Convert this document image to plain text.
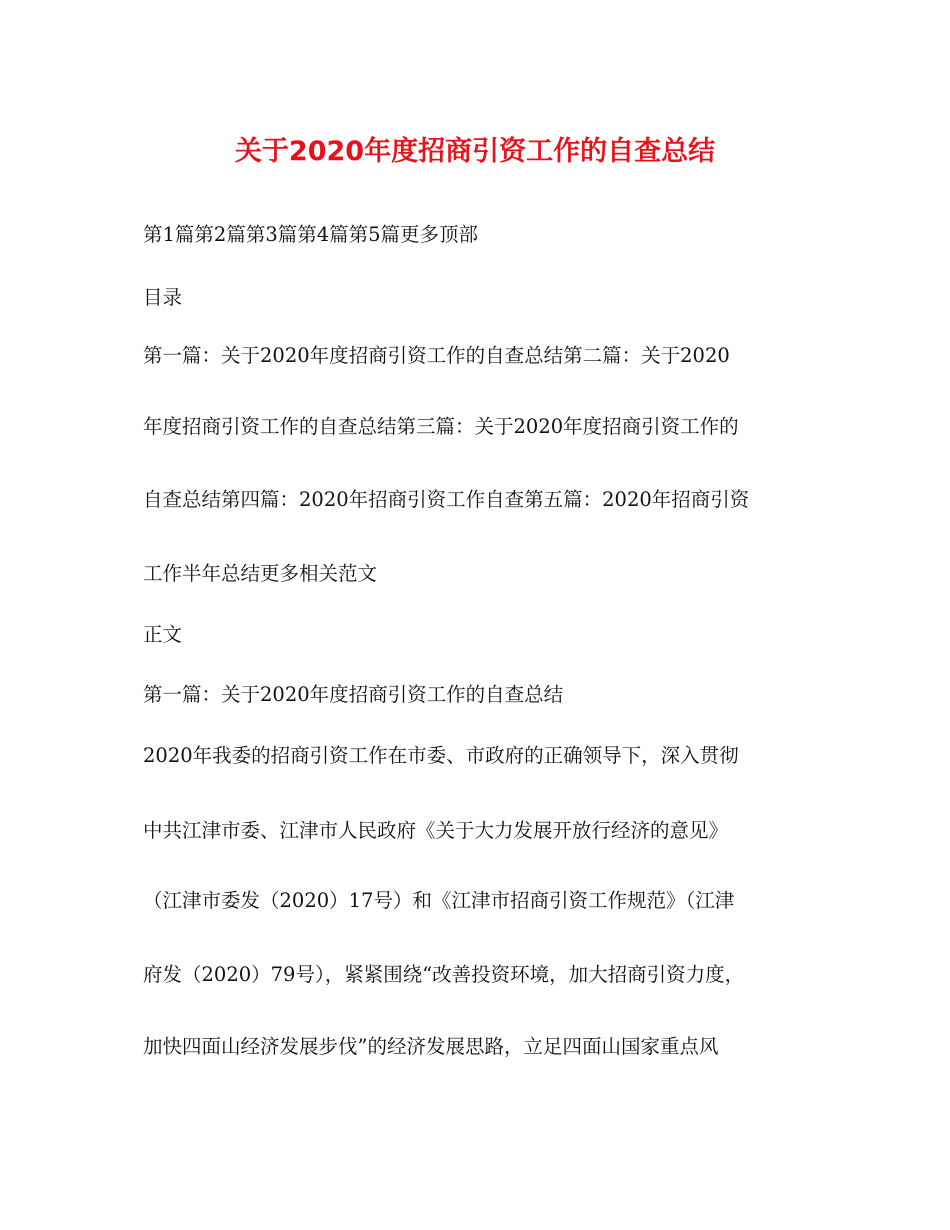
关于2020年度招商引资工作的自查总结

第1篇第2篇第3篇第4篇第5篇更多顶部

目录

第一篇：关于2020年度招商引资工作的自查总结第二篇：关于2020

年度招商引资工作的自查总结第三篇：关于2020年度招商引资工作的

自查总结第四篇：2020年招商引资工作自查第五篇：2020年招商引资

工作半年总结更多相关范文

正文

第一篇：关于2020年度招商引资工作的自查总结

2020年我委的招商引资工作在市委、市政府的正确领导下，深入贯彻

中共江津市委、江津市人民政府《关于大力发展开放行经济的意见》

（江津市委发（2020）17号）和《江津市招商引资工作规范》（江津

府发（2020）79号），紧紧围绕“改善投资环境，加大招商引资力度，

加快四面山经济发展步伐”的经济发展思路，立足四面山国家重点风
